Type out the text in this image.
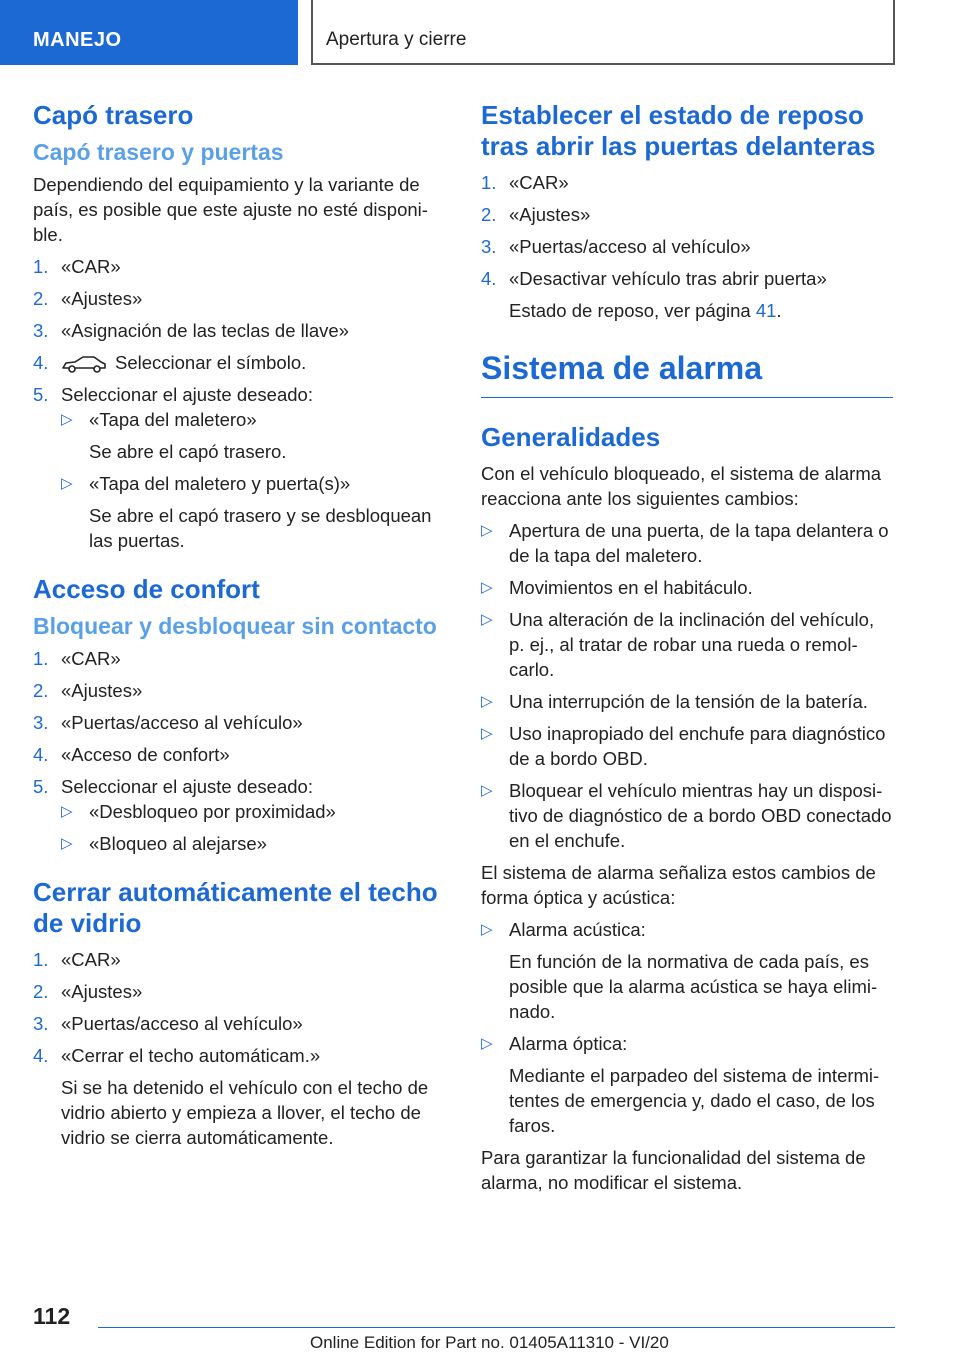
MANEJO	Apertura y cierre
Capó trasero
Capó trasero y puertas

Dependiendo del equipamiento y la variante de país, es posible que este ajuste no esté disponible.

1. «CAR»
2. «Ajustes»
3. «Asignación de las teclas de llave»
4.	Seleccionar el símbolo.
5. Seleccionar el ajuste deseado:
▷ «Tapa del maletero»
Se abre el capó trasero.
▷ «Tapa del maletero y puerta(s)»
Se abre el capó trasero y se desbloquean las puertas.
Acceso de confort
Bloquear y desbloquear sin contacto
1. «CAR»
2. «Ajustes»
3. «Puertas/acceso al vehículo»
4. «Acceso de confort»
5. Seleccionar el ajuste deseado:
▷ «Desbloqueo por proximidad»
▷ «Bloqueo al alejarse»
Cerrar automáticamente el techo de vidrio
1. «CAR»
2. «Ajustes»
3. «Puertas/acceso al vehículo»
4. «Cerrar el techo automáticam.»
Si se ha detenido el vehículo con el techo de vidrio abierto y empieza a llover, el techo de vidrio se cierra automáticamente.
Establecer el estado de reposo tras abrir las puertas delanteras
1. «CAR»
2. «Ajustes»
3. «Puertas/acceso al vehículo»
4. «Desactivar vehículo tras abrir puerta»
Estado de reposo, ver página 41.
Sistema de alarma
Generalidades

Con el vehículo bloqueado, el sistema de alarma reacciona ante los siguientes cambios:

▷ Apertura de una puerta, de la tapa delantera o de la tapa del maletero.
▷ Movimientos en el habitáculo.
▷ Una alteración de la inclinación del vehículo, p. ej., al tratar de robar una rueda o remolcarlo.
▷ Una interrupción de la tensión de la batería.
▷ Uso inapropiado del enchufe para diagnóstico de a bordo OBD.
▷ Bloquear el vehículo mientras hay un dispositivo de diagnóstico de a bordo OBD conectado en el enchufe.

El sistema de alarma señaliza estos cambios de forma óptica y acústica:

▷ Alarma acústica:
En función de la normativa de cada país, es posible que la alarma acústica se haya eliminado.
▷ Alarma óptica:
Mediante el parpadeo del sistema de intermitentes de emergencia y, dado el caso, de los faros.

Para garantizar la funcionalidad del sistema de alarma, no modificar el sistema.

112
Online Edition for Part no. 01405A11310 - VI/20
